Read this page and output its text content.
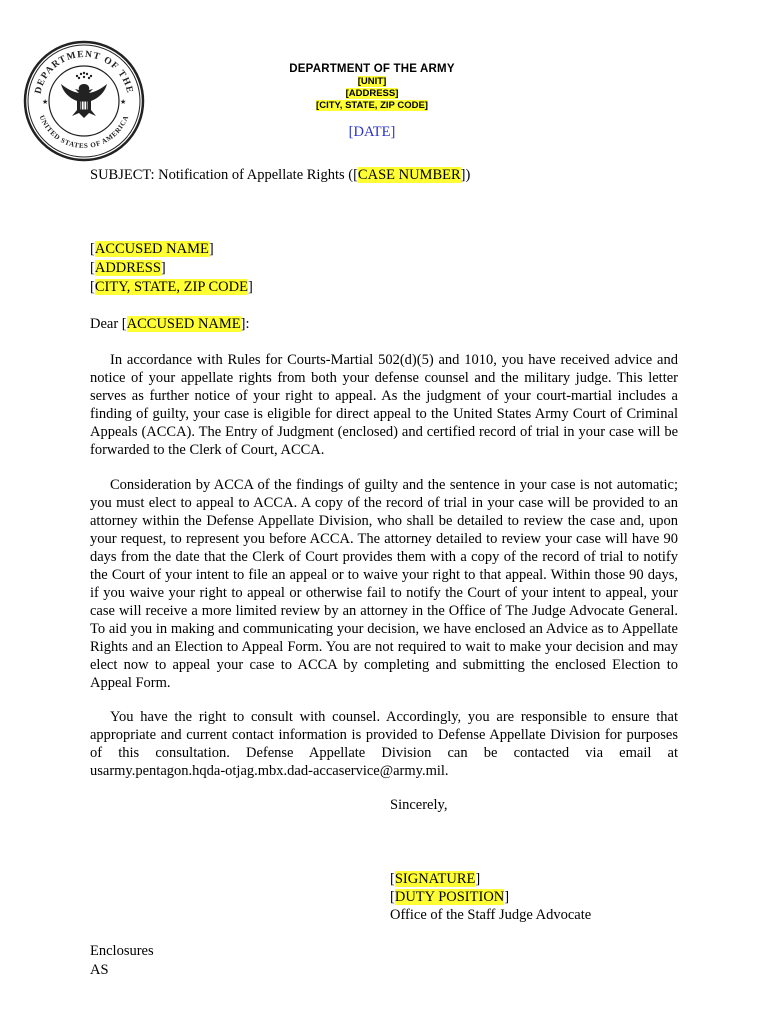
DEPARTMENT OF THE
UNITED STATES OF AMERICA
★	★
DEPARTMENT OF THE ARMY
[UNIT]
[ADDRESS]
[CITY, STATE, ZIP CODE]
[DATE]
SUBJECT: Notification of Appellate Rights ([CASE NUMBER])
[ACCUSED NAME]
[ADDRESS]
[CITY, STATE, ZIP CODE]
Dear [ACCUSED NAME]:

In accordance with Rules for Courts-Martial 502(d)(5) and 1010, you have received advice and notice of your appellate rights from both your defense counsel and the military judge. This letter serves as further notice of your right to appeal. As the judgment of your court-martial includes a finding of guilty, your case is eligible for direct appeal to the United States Army Court of Criminal Appeals (ACCA). The Entry of Judgment (enclosed) and certified record of trial in your case will be forwarded to the Clerk of Court, ACCA.

Consideration by ACCA of the findings of guilty and the sentence in your case is not automatic; you must elect to appeal to ACCA. A copy of the record of trial in your case will be provided to an attorney within the Defense Appellate Division, who shall be detailed to review the case and, upon your request, to represent you before ACCA. The attorney detailed to review your case will have 90 days from the date that the Clerk of Court provides them with a copy of the record of trial to notify the Court of your intent to file an appeal or to waive your right to that appeal. Within those 90 days, if you waive your right to appeal or otherwise fail to notify the Court of your intent to appeal, your case will receive a more limited review by an attorney in the Office of The Judge Advocate General. To aid you in making and communicating your decision, we have enclosed an Advice as to Appellate Rights and an Election to Appeal Form. You are not required to wait to make your decision and may elect now to appeal your case to ACCA by completing and submitting the enclosed Election to Appeal Form.

You have the right to consult with counsel. Accordingly, you are responsible to ensure that appropriate and current contact information is provided to Defense Appellate Division for purposes of this consultation. Defense Appellate Division can be contacted via email at usarmy.pentagon.hqda-otjag.mbx.dad-accaservice@army.mil.

Sincerely,
[SIGNATURE]
[DUTY POSITION]
Office of the Staff Judge Advocate
Enclosures
AS
